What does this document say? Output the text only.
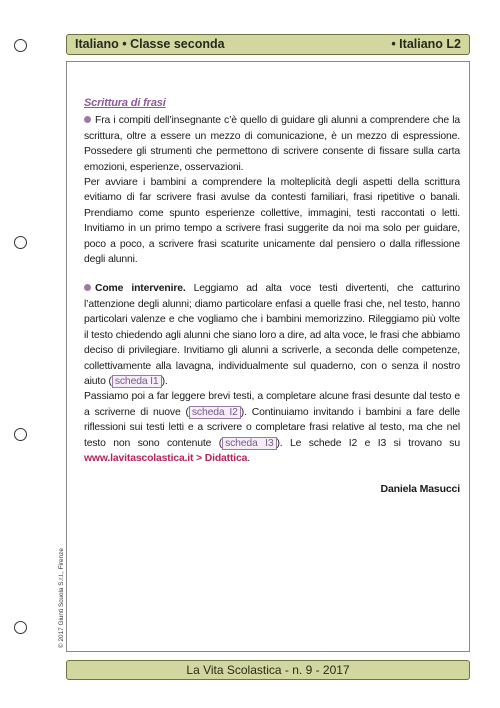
Italiano • Classe seconda	• Italiano L2
Scrittura di frasi

Fra i compiti dell’insegnante c’è quello di guidare gli alunni a comprendere che la scrittura, oltre a essere un mezzo di comunicazione, è un mezzo di espressione. Possedere gli strumenti che permettono di scrivere consente di fissare sulla carta emozioni, esperienze, osservazioni.

Per avviare i bambini a comprendere la molteplicità degli aspetti della scrittura evitiamo di far scrivere frasi avulse da contesti familiari, frasi ripetitive o banali. Prendiamo come spunto esperienze collettive, immagini, testi raccontati o letti. Invitiamo in un primo tempo a scrivere frasi suggerite da noi ma solo per guidare, poco a poco, a scrivere frasi scaturite unicamente dal pensiero o dalla riflessione degli alunni.

Come intervenire. Leggiamo ad alta voce testi divertenti, che catturino l’attenzione degli alunni; diamo particolare enfasi a quelle frasi che, nel testo, hanno particolari valenze e che vogliamo che i bambini memorizzino. Rileggiamo più volte il testo chiedendo agli alunni che siano loro a dire, ad alta voce, le frasi che abbiamo deciso di privilegiare. Invitiamo gli alunni a scriverle, a seconda delle competenze, collettivamente alla lavagna, individualmente sul quaderno, con o senza il nostro aiuto ( scheda I1 ).

Passiamo poi a far leggere brevi testi, a completare alcune frasi desunte dal testo e a scriverne di nuove ( scheda I2 ). Continuiamo invitando i bambini a fare delle riflessioni sui testi letti e a scrivere o completare frasi relative al testo, ma che nel testo non sono contenute ( scheda I3 ). Le schede I2 e I3 si trovano su www.lavitascolastica.it > Didattica.

Daniela Masucci
© 2017 Giunti Scuola S.r.l., Firenze
La Vita Scolastica - n. 9 - 2017
